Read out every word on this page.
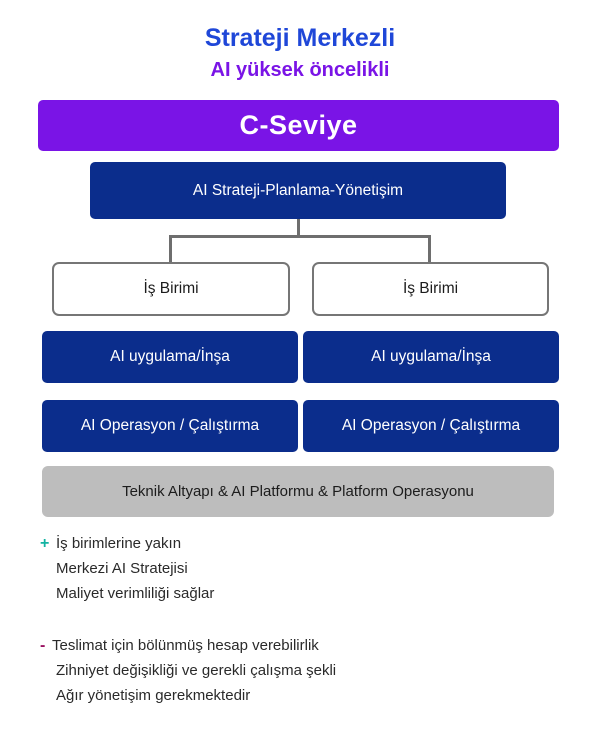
Strateji Merkezli
AI yüksek öncelikli
C-Seviye
AI Strateji-Planlama-Yönetişim
İş Birimi	İş Birimi
AI uygulama/İnşa	AI uygulama/İnşa
AI Operasyon / Çalıştırma	AI Operasyon / Çalıştırma
Teknik Altyapı & AI Platformu & Platform Operasyonu
+ İş birimlerine yakın
Merkezi AI Stratejisi
Maliyet verimliliği sağlar
- Teslimat için bölünmüş hesap verebilirlik
Zihniyet değişikliği ve gerekli çalışma şekli
Ağır yönetişim gerekmektedir
